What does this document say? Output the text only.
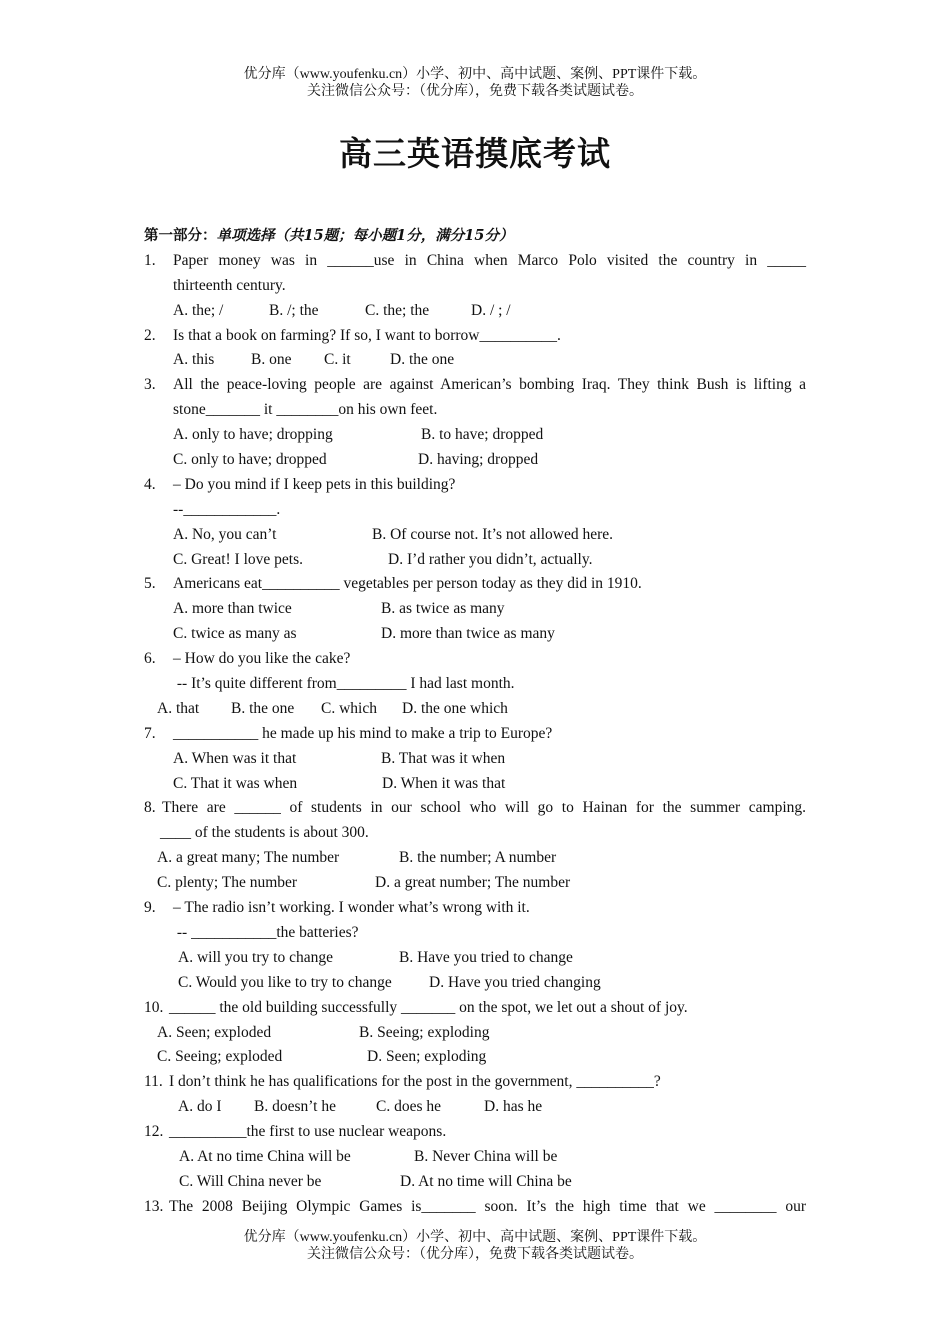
优分库（www.youfenku.cn）小学、初中、高中试题、案例、PPT课件下载。
关注微信公众号：（优分库），免费下载各类试题试卷。
高三英语摸底考试
第一部分：单项选择（共15题；每小题1分，满分15分）
1. Paper money was in ______use in China when Marco Polo visited the country in _____
thirteenth century.
A. the; /	B. /; the	C. the; the	D. / ; /
2. Is that a book on farming? If so, I want to borrow__________.
A. this B. one C. it	D. the one
3. All the peace-loving people are against American’s bombing Iraq. They think Bush is lifting a
stone_______ it ________on his own feet.
A. only to have; dropping	B. to have; dropped
C. only to have; dropped	D. having; dropped
4. – Do you mind if I keep pets in this building?
--____________.
A. No, you can’t	B. Of course not. It’s not allowed here.
C. Great! I love pets.	D. I’d rather you didn’t, actually.
5. Americans eat__________ vegetables per person today as they did in 1910.
A. more than twice	B. as twice as many
C. twice as many as	D. more than twice as many
6. – How do you like the cake?
-- It’s quite different from_________ I had last month.
A. that B. the one C. which D. the one which
7. ___________ he made up his mind to make a trip to Europe?
A. When was it that	B. That was it when
C. That it was when	D. When it was that
8. There are ______ of students in our school who will go to Hainan for the summer camping.
____ of the students is about 300.
A. a great many; The number	B. the number; A number
C. plenty; The number	D. a great number; The number
9. – The radio isn’t working. I wonder what’s wrong with it.
-- ___________the batteries?
A. will you try to change	B. Have you tried to change
C. Would you like to try to change D. Have you tried changing
10. ______ the old building successfully _______ on the spot, we let out a shout of joy.
A. Seen; exploded	B. Seeing; exploding
C. Seeing; exploded	D. Seen; exploding
11. I don’t think he has qualifications for the post in the government, __________?
A. do I B. doesn’t he	C. does he	D. has he
12. __________the first to use nuclear weapons.
A. At no time China will be	B. Never China will be
C. Will China never be	D. At no time will China be
13. The 2008 Beijing Olympic Games is_______ soon. It’s the high time that we ________ our
优分库（www.youfenku.cn）小学、初中、高中试题、案例、PPT课件下载。
关注微信公众号：（优分库），免费下载各类试题试卷。
